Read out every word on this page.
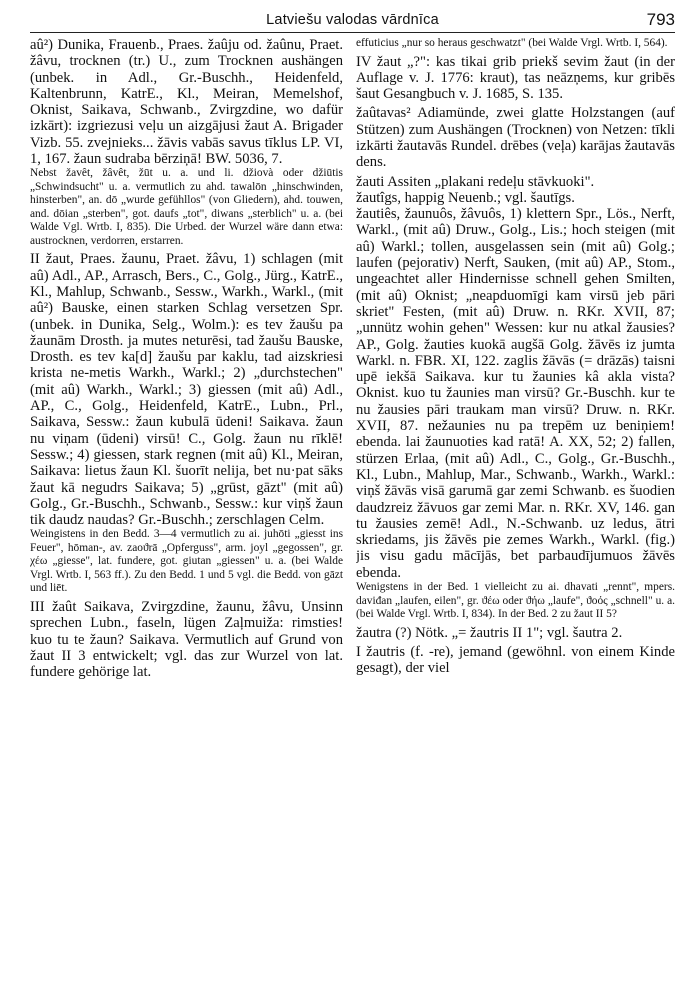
Latviešu valodas vārdnīca	793

aû²) Dunika, Frauenb., Praes. žaûju od. žaûnu, Praet. žâvu, trocknen (tr.) U., zum Trocknen aushängen (unbek. in Adl., Gr.-Buschh., Heidenfeld, Kaltenbrunn, KatrE., Kl., Meiran, Memelshof, Oknist, Saikava, Schwanb., Zvirgzdine, wo dafür izkārt): izgriezusi veļu un aizgājusi žaut A. Brigader Vizb. 55. zvejnieks... žāvis vabās savus tīklus LP. VI, 1, 167. žaun sudraba bērziņā! BW. 5036, 7.

Nebst žavêt, žâvêt, žūt u. a. und li. džiovà oder džiūtis „Schwindsucht" u. a. vermutlich zu ahd. tawalōn „hinschwinden, hinsterben", an. dō „wurde gefühllos" (von Gliedern), ahd. touwen, and. dōian „sterben", got. daufs „tot", diwans „sterblich" u. a. (bei Walde Vgl. Wrtb. I, 835). Die Urbed. der Wurzel wäre dann etwa: austrocknen, verdorren, erstarren.

II žaut, Praes. žaunu, Praet. žâvu, 1) schlagen (mit aû) Adl., AP., Arrasch, Bers., C., Golg., Jürg., KatrE., Kl., Mahlup, Schwanb., Sessw., Warkh., Warkl., (mit aû²) Bauske, einen starken Schlag versetzen Spr. (unbek. in Dunika, Selg., Wolm.): es tev žaušu pa žaunām Drosth. ja mutes neturēsi, tad žaušu Bauske, Drosth. es tev ka[d] žaušu par kaklu, tad aizskriesi krista ne-metis Warkh., Warkl.; 2) „durchstechen" (mit aû) Warkh., Warkl.; 3) giessen (mit aû) Adl., AP., C., Golg., Heidenfeld, KatrE., Lubn., Prl., Saikava, Sessw.: žaun kubulā ūdeni! Saikava. žaun nu viņam (ūdeni) virsū! C., Golg. žaun nu rīklē! Sessw.; 4) giessen, stark regnen (mit aû) Kl., Meiran, Saikava: lietus žaun Kl. šuorīt nelija, bet nu·pat sāks žaut kā negudrs Saikava; 5) „grūst, gāzt" (mit aû) Golg., Gr.-Buschh., Schwanb., Sessw.: kur viņš žaun tik daudz naudas? Gr.-Buschh.; zerschlagen Celm.

Weingistens in den Bedd. 3—4 vermutlich zu ai. juhōti „giesst ins Feuer", hōman-, av. zaoϑrā „Opferguss", arm. joyl „gegossen", gr. χέω „giesse", lat. fundere, got. giutan „giessen" u. a. (bei Walde Vrgl. Wrtb. I, 563 ff.). Zu den Bedd. 1 und 5 vgl. die Bedd. von gāzt und liēt.

III žaût Saikava, Zvirgzdine, žaunu, žâvu, Unsinn sprechen Lubn., faseln, lügen Zaļmuiža: rimsties! kuo tu te žaun? Saikava. Vermutlich auf Grund von žaut II 3 entwickelt; vgl. das zur Wurzel von lat. fundere gehörige lat.

effuticius „nur so heraus geschwatzt" (bei Walde Vrgl. Wrtb. I, 564).

IV žaut „?": kas tikai grib priekš sevim žaut (in der Auflage v. J. 1776: kraut), tas neāzņems, kur gribēs šaut Gesangbuch v. J. 1685, S. 135.

žaûtavas² Adiamünde, zwei glatte Holzstangen (auf Stützen) zum Aushängen (Trocknen) von Netzen: tīkli izkārti žautavās Rundel. drēbes (veļa) karājas žautavās dens.

žauti Assiten „plakani redeļu stāvkuoki".

žautîgs, happig Neuenb.; vgl. šautīgs.

žautiês, žaunuôs, žâvuôs, 1) klettern Spr., Lös., Nerft, Warkl., (mit aû) Druw., Golg., Lis.; hoch steigen (mit aû) Warkl.; tollen, ausgelassen sein (mit aû) Golg.; laufen (pejorativ) Nerft, Sauken, (mit aû) AP., Stom., ungeachtet aller Hindernisse schnell gehen Smilten, (mit aû) Oknist; „neapduomīgi kam virsū jeb pāri skriet" Festen, (mit aû) Druw. n. RKr. XVII, 87; „unnütz wohin gehen" Wessen: kur nu atkal žausies? AP., Golg. žauties kuokā augšā Golg. žāvēs iz jumta Warkl. n. FBR. XI, 122. zaglis žāvās (= drāzās) taisni upē iekšā Saikava. kur tu žaunies kâ akla vista? Oknist. kuo tu žaunies man virsū? Gr.-Buschh. kur te nu žausies pāri traukam man virsū? Druw. n. RKr. XVII, 87. nežaunies nu pa trepēm uz beniņiem! ebenda. lai žaunuoties kad ratā! A. XX, 52; 2) fallen, stürzen Erlaa, (mit aû) Adl., C., Golg., Gr.-Buschh., Kl., Lubn., Mahlup, Mar., Schwanb., Warkh., Warkl.: viņš žāvās visā garumā gar zemi Schwanb. es šuodien daudzreiz žāvuos gar zemi Mar. n. RKr. XV, 146. gan tu žausies zemē! Adl., N.-Schwanb. uz ledus, ātri skriedams, jis žāvēs pie zemes Warkh., Warkl. (fig.) jis visu gadu mācījās, bet parbaudījumuos žāvēs ebenda.

Wenigstens in der Bed. 1 vielleicht zu ai. dhavati „rennt", mpers. daviđan „laufen, eilen", gr. ϑέω oder ϑήω „laufe", ϑοός „schnell" u. a. (bei Walde Vrgl. Wrtb. I, 834). In der Bed. 2 zu žaut II 5?

žautra (?) Nötk. „= žautris II 1"; vgl. šautra 2.

I žautris (f. -re), jemand (gewöhnl. von einem Kinde gesagt), der viel
